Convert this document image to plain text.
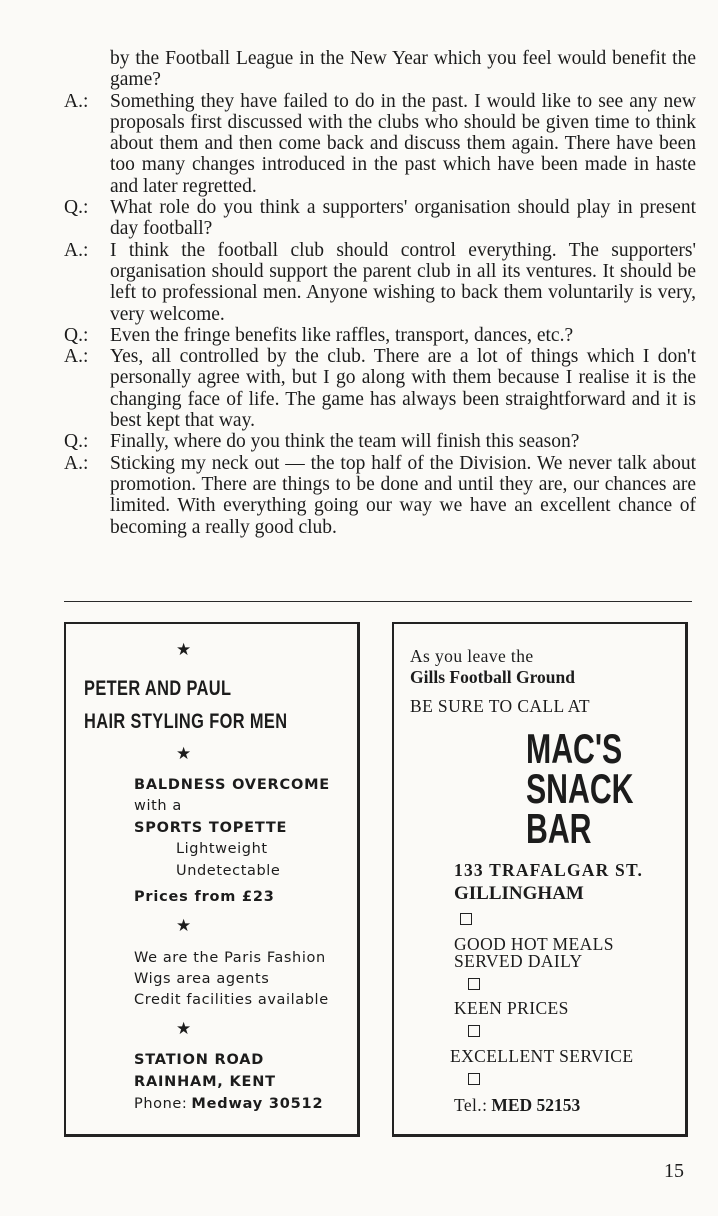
by the Football League in the New Year which you feel would benefit the game?
A.:	Something they have failed to do in the past. I would like to see any new proposals first discussed with the clubs who should be given time to think about them and then come back and discuss them again. There have been too many changes introduced in the past which have been made in haste and later regretted.
Q.:	What role do you think a supporters' organisation should play in present day football?
A.:	I think the football club should control everything. The supporters' organisation should support the parent club in all its ventures. It should be left to professional men. Anyone wishing to back them voluntarily is very, very welcome.
Q.:	Even the fringe benefits like raffles, transport, dances, etc.?
A.:	Yes, all controlled by the club. There are a lot of things which I don't personally agree with, but I go along with them because I realise it is the changing face of life. The game has always been straightforward and it is best kept that way.
Q.:	Finally, where do you think the team will finish this season?
A.:	Sticking my neck out — the top half of the Division. We never talk about promotion. There are things to be done and until they are, our chances are limited. With everything going our way we have an excellent chance of becoming a really good club.
★
PETER AND PAUL
HAIR STYLING FOR MEN
★
BALDNESS OVERCOME
with a
SPORTS TOPETTE
Lightweight
Undetectable
Prices from £23
★
We are the Paris Fashion
Wigs area agents
Credit facilities available
★
STATION ROAD
RAINHAM, KENT
Phone: Medway 30512
As you leave the
Gills Football Ground
BE SURE TO CALL AT
MAC'S
SNACK
BAR
133 TRAFALGAR ST.
GILLINGHAM
GOOD HOT MEALS
SERVED DAILY
KEEN PRICES
EXCELLENT SERVICE
Tel.: MED 52153
15
